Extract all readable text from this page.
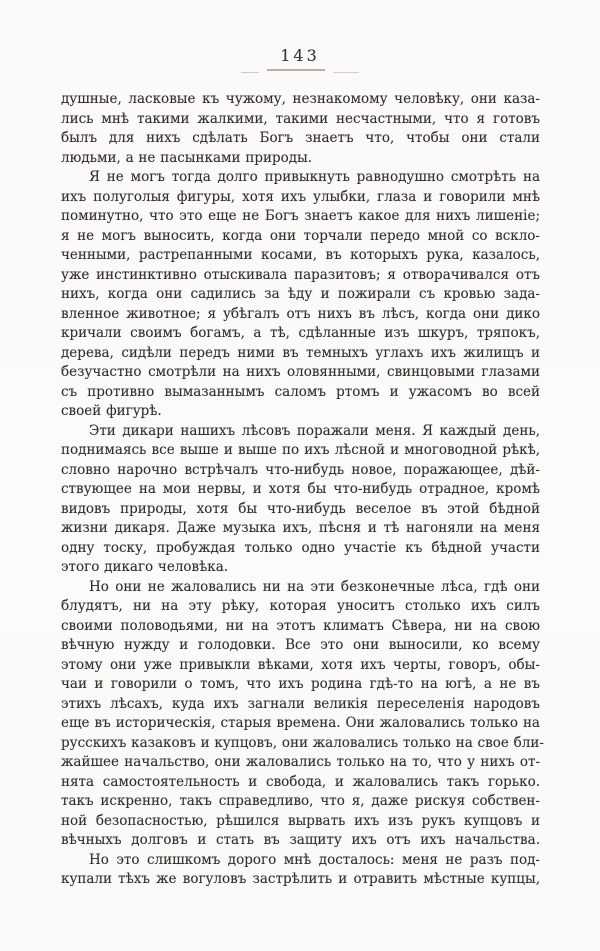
143
душные, ласковые къ чужому, незнакомому человѣку, они каза-
лись мнѣ такими жалкими, такими несчастными, что я готовъ
былъ для нихъ сдѣлать Богъ знаетъ что, чтобы они стали
людьми, а не пасынками природы.
Я не могъ тогда долго привыкнуть равнодушно смотрѣть на
ихъ полуголыя фигуры, хотя ихъ улыбки, глаза и говорили мнѣ
поминутно, что это еще не Богъ знаетъ какое для нихъ лишеніе;
я не могъ выносить, когда они торчали передо мной со вскло-
ченными, растрепанными косами, въ которыхъ рука, казалось,
уже инстинктивно отыскивала паразитовъ; я отворачивался отъ
нихъ, когда они садились за ѣду и пожирали съ кровью зада-
вленное животное; я убѣгалъ отъ нихъ въ лѣсъ, когда они дико
кричали своимъ богамъ, а тѣ, сдѣланные изъ шкуръ, тряпокъ,
дерева, сидѣли передъ ними въ темныхъ углахъ ихъ жилищъ и
безучастно смотрѣли на нихъ оловянными, свинцовыми глазами
съ противно вымазаннымъ саломъ ртомъ и ужасомъ во всей
своей фигурѣ.
Эти дикари нашихъ лѣсовъ поражали меня. Я каждый день,
поднимаясь все выше и выше по ихъ лѣсной и многоводной рѣкѣ,
словно нарочно встрѣчалъ что-нибудь новое, поражающее, дѣй-
ствующее на мои нервы, и хотя бы что-нибудь отрадное, кромѣ
видовъ природы, хотя бы что-нибудь веселое въ этой бѣдной
жизни дикаря. Даже музыка ихъ, пѣсня и тѣ нагоняли на меня
одну тоску, пробуждая только одно участіе къ бѣдной участи
этого дикаго человѣка.
Но они не жаловались ни на эти безконечные лѣса, гдѣ они
блудятъ, ни на эту рѣку, которая уноситъ столько ихъ силъ
своими половодьями, ни на этотъ климатъ Сѣвера, ни на свою
вѣчную нужду и голодовки. Все это они выносили, ко всему
этому они уже привыкли вѣками, хотя ихъ черты, говоръ, обы-
чаи и говорили о томъ, что ихъ родина гдѣ-то на югѣ, а не въ
этихъ лѣсахъ, куда ихъ загнали великія переселенія народовъ
еще въ историческія, старыя времена. Они жаловались только на
русскихъ казаковъ и купцовъ, они жаловались только на свое бли-
жайшее начальство, они жаловались только на то, что у нихъ от-
нята самостоятельность и свобода, и жаловались такъ горько.
такъ искренно, такъ справедливо, что я, даже рискуя собствен-
ной безопасностью, рѣшился вырвать ихъ изъ рукъ купцовъ и
вѣчныхъ долговъ и стать въ защиту ихъ отъ ихъ начальства.
Но это слишкомъ дорого мнѣ досталось: меня не разъ под-
купали тѣхъ же вогуловъ застрѣлить и отравить мѣстные купцы,
